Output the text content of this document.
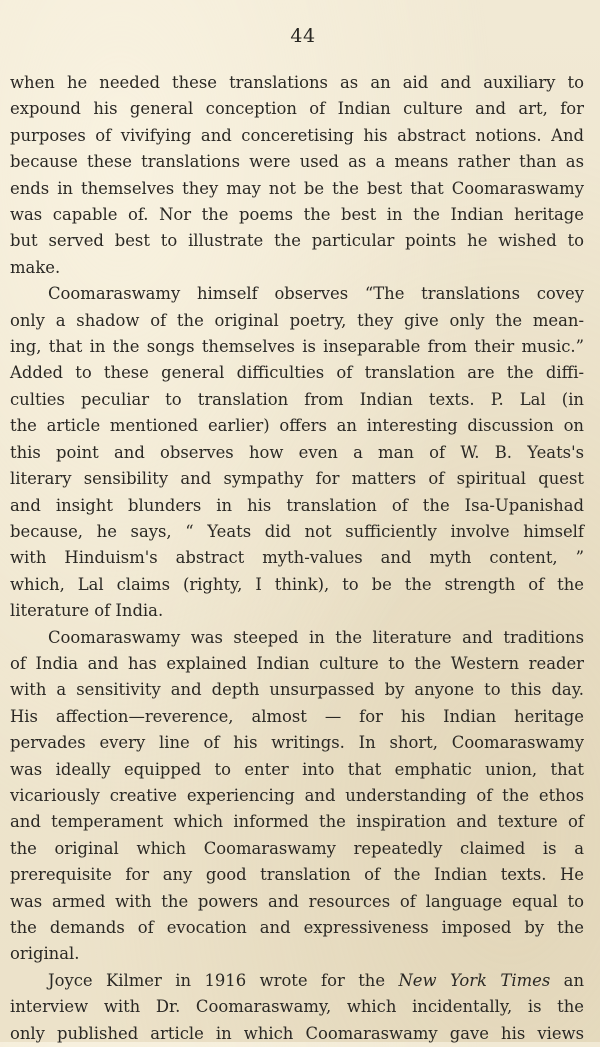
44

when he needed these translations as an aid and auxiliary to
expound his general conception of Indian culture and art, for
purposes of vivifying and conceretising his abstract notions. And
because these translations were used as a means rather than as
ends in themselves they may not be the best that Coomaraswamy
was capable of. Nor the poems the best in the Indian heritage
but served best to illustrate the particular points he wished to
make.

Coomaraswamy himself observes “The translations covey
only a shadow of the original poetry, they give only the mean-
ing, that in the songs themselves is inseparable from their music.”
Added to these general difficulties of translation are the diffi-
culties peculiar to translation from Indian texts. P. Lal (in
the article mentioned earlier) offers an interesting discussion on
this point and observes how even a man of W. B. Yeats's
literary sensibility and sympathy for matters of spiritual quest
and insight blunders in his translation of the Isa-Upanishad
because, he says, “ Yeats did not sufficiently involve himself
with Hinduism's abstract myth-values and myth content, ”
which, Lal claims (righty, I think), to be the strength of the
literature of India.

Coomaraswamy was steeped in the literature and traditions
of India and has explained Indian culture to the Western reader
with a sensitivity and depth unsurpassed by anyone to this day.
His affection—reverence, almost — for his Indian heritage
pervades every line of his writings. In short, Coomaraswamy
was ideally equipped to enter into that emphatic union, that
vicariously creative experiencing and understanding of the ethos
and temperament which informed the inspiration and texture of
the original which Coomaraswamy repeatedly claimed is a
prerequisite for any good translation of the Indian texts. He
was armed with the powers and resources of language equal to
the demands of evocation and expressiveness imposed by the
original.

Joyce Kilmer in 1916 wrote for the New York Times an
interview with Dr. Coomaraswamy, which incidentally, is the
only published article in which Coomaraswamy gave his views
